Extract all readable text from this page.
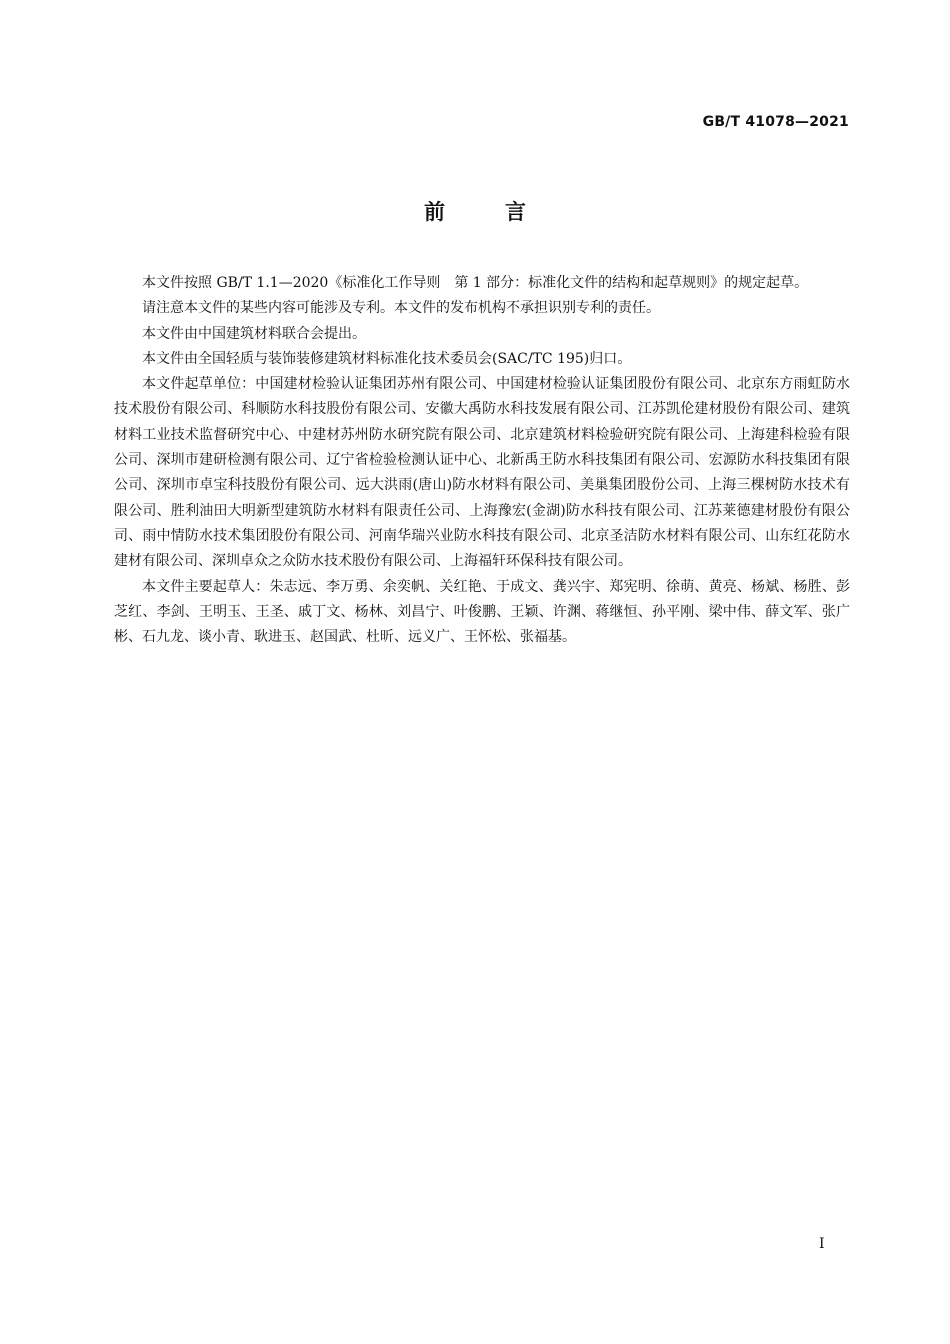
GB/T 41078—2021
前	言

本文件按照 GB/T 1.1—2020《标准化工作导则　第 1 部分：标准化文件的结构和起草规则》的规定起草。

请注意本文件的某些内容可能涉及专利。本文件的发布机构不承担识别专利的责任。

本文件由中国建筑材料联合会提出。

本文件由全国轻质与装饰装修建筑材料标准化技术委员会(SAC/TC 195)归口。

本文件起草单位：中国建材检验认证集团苏州有限公司、中国建材检验认证集团股份有限公司、北京东方雨虹防水技术股份有限公司、科顺防水科技股份有限公司、安徽大禹防水科技发展有限公司、江苏凯伦建材股份有限公司、建筑材料工业技术监督研究中心、中建材苏州防水研究院有限公司、北京建筑材料检验研究院有限公司、上海建科检验有限公司、深圳市建研检测有限公司、辽宁省检验检测认证中心、北新禹王防水科技集团有限公司、宏源防水科技集团有限公司、深圳市卓宝科技股份有限公司、远大洪雨(唐山)防水材料有限公司、美巢集团股份公司、上海三棵树防水技术有限公司、胜利油田大明新型建筑防水材料有限责任公司、上海豫宏(金湖)防水科技有限公司、江苏莱德建材股份有限公司、雨中情防水技术集团股份有限公司、河南华瑞兴业防水科技有限公司、北京圣洁防水材料有限公司、山东红花防水建材有限公司、深圳卓众之众防水技术股份有限公司、上海福轩环保科技有限公司。

本文件主要起草人：朱志远、李万勇、余奕帆、关红艳、于成文、龚兴宇、郑宪明、徐萌、黄亮、杨斌、杨胜、彭芝红、李剑、王明玉、王圣、戚丁文、杨林、刘昌宁、叶俊鹏、王颖、许渊、蒋继恒、孙平刚、梁中伟、薛文军、张广彬、石九龙、谈小青、耿进玉、赵国武、杜昕、远义广、王怀松、张福基。

I
